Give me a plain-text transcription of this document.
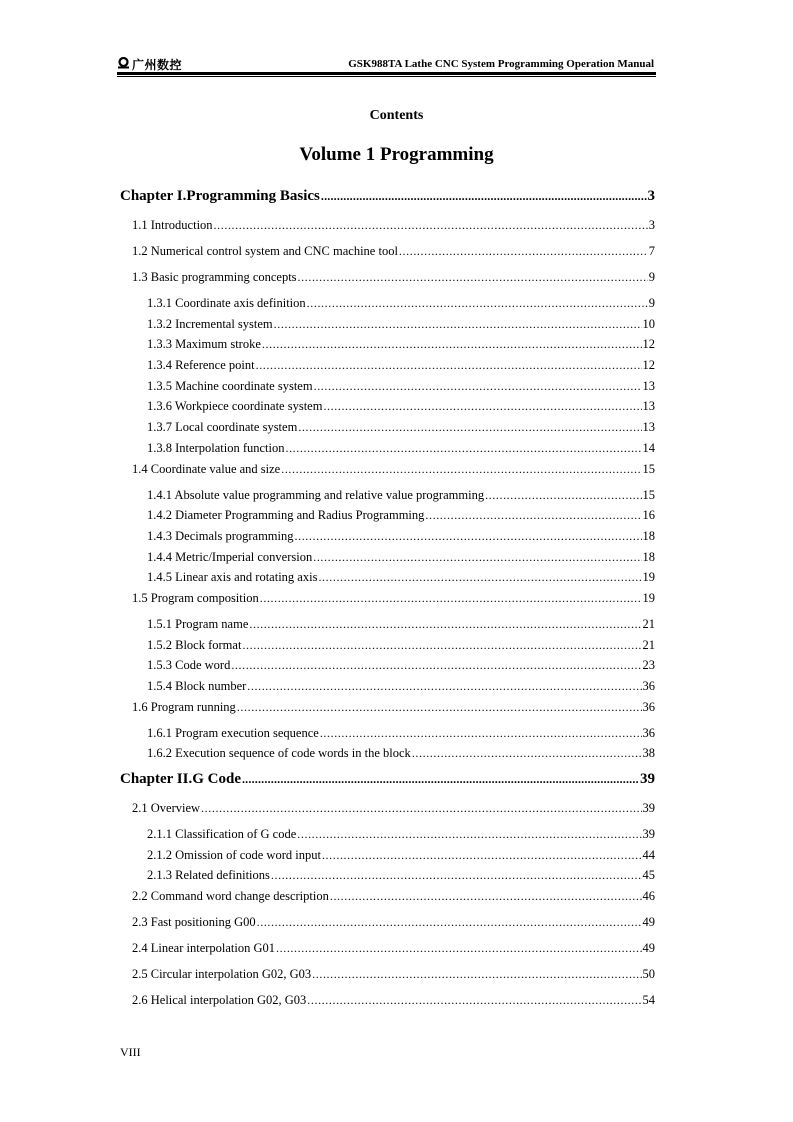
广州数控	GSK988TA Lathe CNC System Programming Operation Manual
Contents
Volume 1 Programming
Chapter I. Programming Basics .....	3
1.1 Introduction .....	3
1.2 Numerical control system and CNC machine tool .....	7
1.3 Basic programming concepts .....	9
1.3.1 Coordinate axis definition .....	9
1.3.2 Incremental system .....	10
1.3.3 Maximum stroke .....	12
1.3.4 Reference point .....	12
1.3.5 Machine coordinate system .....	13
1.3.6 Workpiece coordinate system .....	13
1.3.7 Local coordinate system .....	13
1.3.8 Interpolation function .....	14
1.4 Coordinate value and size .....	15
1.4.1 Absolute value programming and relative value programming .....	15
1.4.2 Diameter Programming and Radius Programming .....	16
1.4.3 Decimals programming .....	18
1.4.4 Metric/Imperial conversion .....	18
1.4.5 Linear axis and rotating axis .....	19
1.5 Program composition .....	19
1.5.1 Program name .....	21
1.5.2 Block format .....	21
1.5.3 Code word .....	23
1.5.4 Block number .....	36
1.6 Program running .....	36
1.6.1 Program execution sequence .....	36
1.6.2 Execution sequence of code words in the block .....	38
Chapter II. G Code .....	39
2.1 Overview .....	39
2.1.1 Classification of G code .....	39
2.1.2 Omission of code word input .....	44
2.1.3 Related definitions .....	45
2.2 Command word change description .....	46
2.3 Fast positioning G00 .....	49
2.4 Linear interpolation G01 .....	49
2.5 Circular interpolation G02, G03 .....	50
2.6 Helical interpolation G02, G03 .....	54
VIII
